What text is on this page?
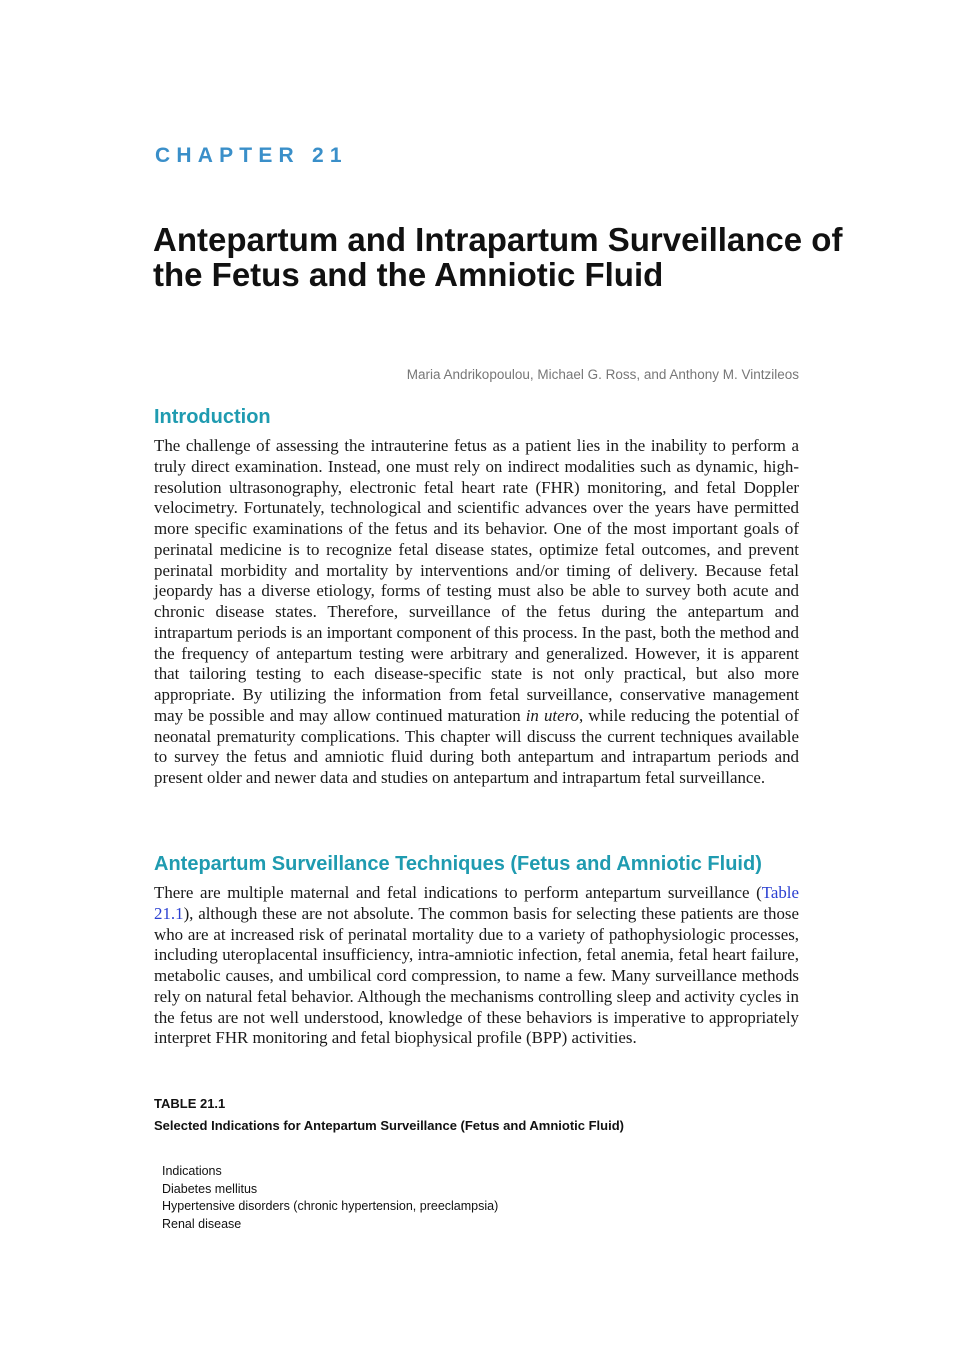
CHAPTER 21
Antepartum and Intrapartum Surveillance of the Fetus and the Amniotic Fluid
Maria Andrikopoulou, Michael G. Ross, and Anthony M. Vintzileos
Introduction

The challenge of assessing the intrauterine fetus as a patient lies in the inability to perform a truly direct examination. Instead, one must rely on indirect modalities such as dynamic, high-resolution ultrasonography, electronic fetal heart rate (FHR) monitoring, and fetal Doppler velocimetry. Fortunately, technological and scientific advances over the years have permitted more specific examinations of the fetus and its behavior. One of the most important goals of perinatal medicine is to recognize fetal disease states, optimize fetal outcomes, and prevent perinatal morbidity and mortality by interventions and/or timing of delivery. Because fetal jeopardy has a diverse etiology, forms of testing must also be able to survey both acute and chronic disease states. Therefore, surveillance of the fetus during the antepartum and intrapartum periods is an important component of this process. In the past, both the method and the frequency of antepartum testing were arbitrary and generalized. However, it is apparent that tailoring testing to each disease-specific state is not only practical, but also more appropriate. By utilizing the information from fetal surveillance, conservative management may be possible and may allow continued maturation in utero, while reducing the potential of neonatal prematurity complications. This chapter will discuss the current techniques available to survey the fetus and amniotic fluid during both antepartum and intrapartum periods and present older and newer data and studies on antepartum and intrapartum fetal surveillance.

Antepartum Surveillance Techniques (Fetus and Amniotic Fluid)

There are multiple maternal and fetal indications to perform antepartum surveillance (Table 21.1), although these are not absolute. The common basis for selecting these patients are those who are at increased risk of perinatal mortality due to a variety of pathophysiologic processes, including uteroplacental insufficiency, intra-amniotic infection, fetal anemia, fetal heart failure, metabolic causes, and umbilical cord compression, to name a few. Many surveillance methods rely on natural fetal behavior. Although the mechanisms controlling sleep and activity cycles in the fetus are not well understood, knowledge of these behaviors is imperative to appropriately interpret FHR monitoring and fetal biophysical profile (BPP) activities.

TABLE 21.1
Selected Indications for Antepartum Surveillance (Fetus and Amniotic Fluid)
Indications
Diabetes mellitus
Hypertensive disorders (chronic hypertension, preeclampsia)
Renal disease
